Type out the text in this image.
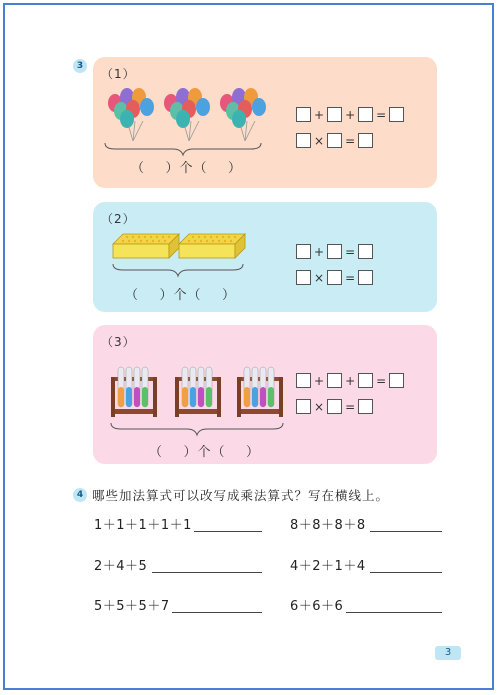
3
（1）
（    ）个（    ）
+ + =
× =
（2）
（    ）个（    ）
+ =
× =
（3）
（    ）个（    ）
+ + =
× =
4 哪些加法算式可以改写成乘法算式？写在横线上。
1＋1＋1＋1＋1	8＋8＋8＋8
2＋4＋5	4＋2＋1＋4
5＋5＋5＋7	6＋6＋6
3
